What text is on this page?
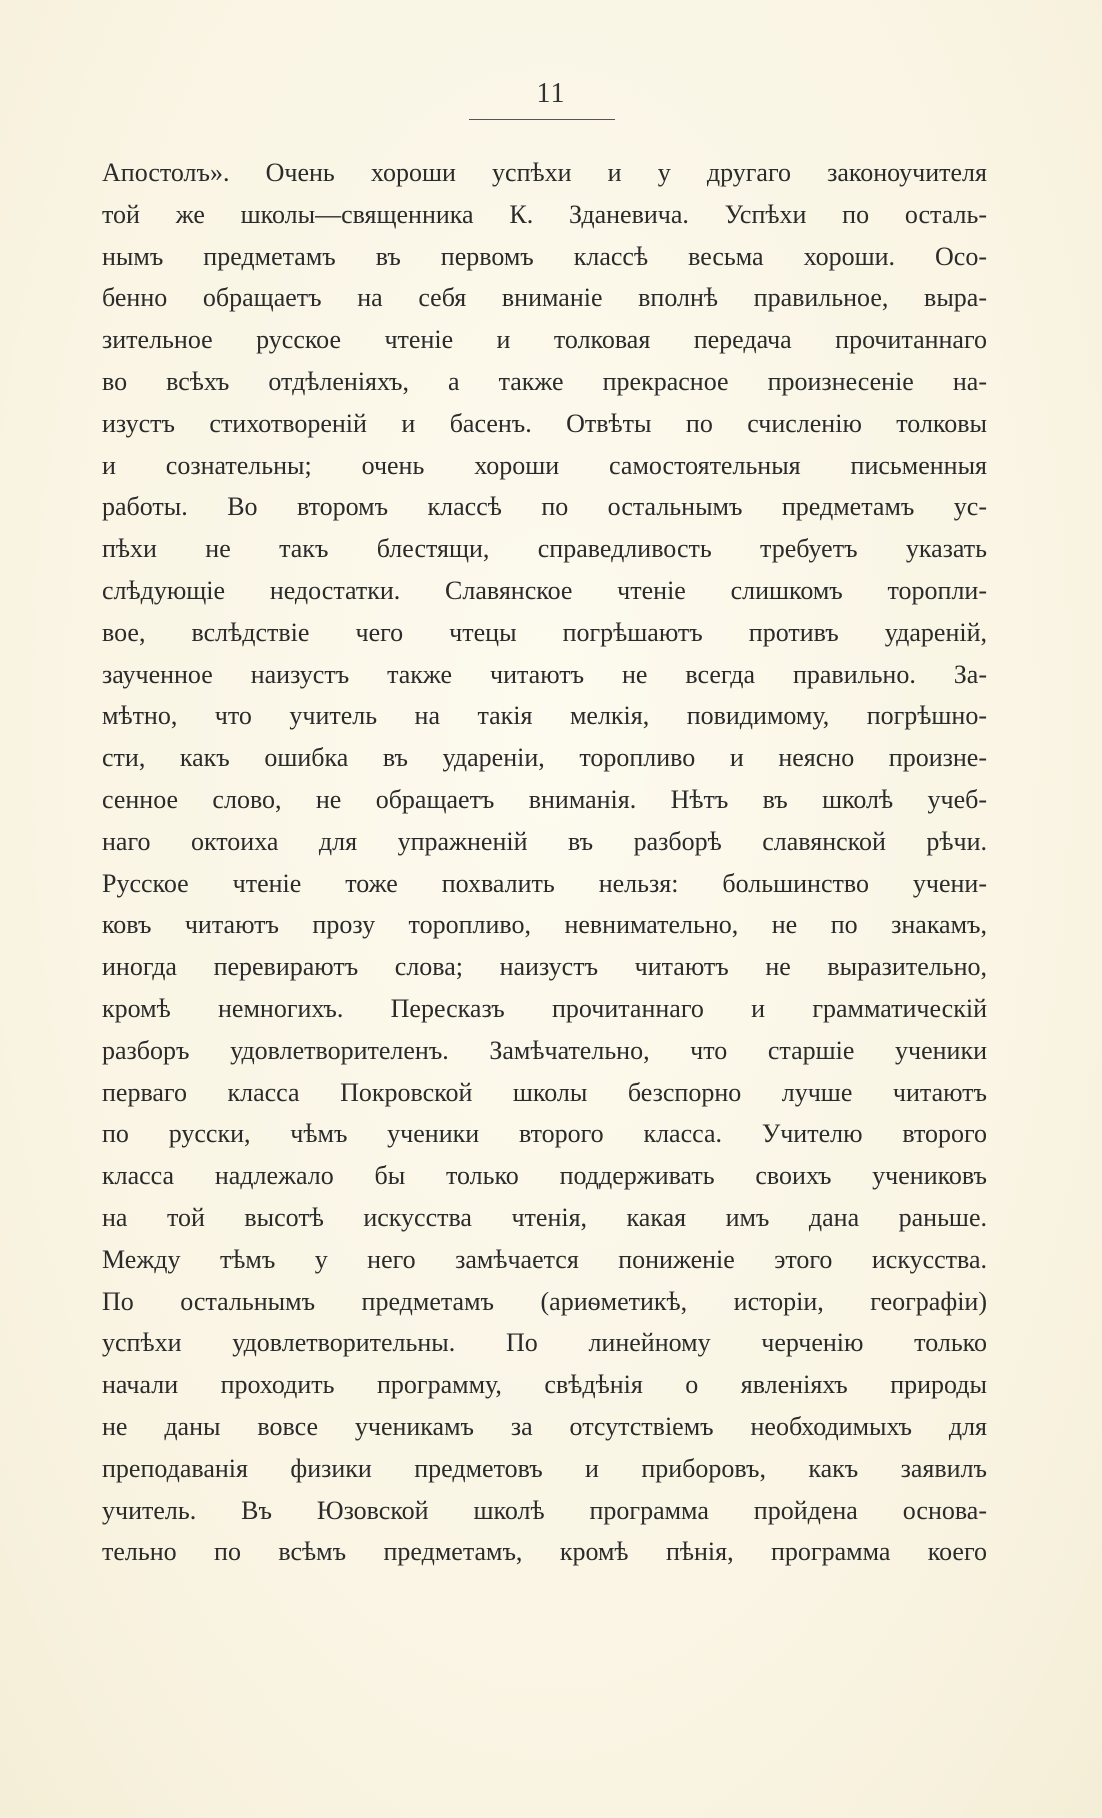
11
Апостолъ». Очень хороши успѣхи и у другаго законоучителя
той же школы—священника К. Зданевича. Успѣхи по осталь-
нымъ предметамъ въ первомъ классѣ весьма хороши. Осо-
бенно обращаетъ на себя вниманіе вполнѣ правильное, выра-
зительное русское чтеніе и толковая передача прочитаннаго
во всѣхъ отдѣленіяхъ, а также прекрасное произнесеніе на-
изустъ стихотвореній и басенъ. Отвѣты по счисленію толковы
и сознательны; очень хороши самостоятельныя письменныя
работы. Во второмъ классѣ по остальнымъ предметамъ ус-
пѣхи не такъ блестящи, справедливость требуетъ указать
слѣдующіе недостатки. Славянское чтеніе слишкомъ торопли-
вое, вслѣдствіе чего чтецы погрѣшаютъ противъ удареній,
заученное наизустъ также читаютъ не всегда правильно. За-
мѣтно, что учитель на такія мелкія, повидимому, погрѣшно-
сти, какъ ошибка въ удареніи, торопливо и неясно произне-
сенное слово, не обращаетъ вниманія. Нѣтъ въ школѣ учеб-
наго октоиха для упражненій въ разборѣ славянской рѣчи.
Русское чтеніе тоже похвалить нельзя: большинство учени-
ковъ читаютъ прозу торопливо, невнимательно, не по знакамъ,
иногда перевираютъ слова; наизустъ читаютъ не выразительно,
кромѣ немногихъ. Пересказъ прочитаннаго и грамматическій
разборъ удовлетворителенъ. Замѣчательно, что старшіе ученики
перваго класса Покровской школы безспорно лучше читаютъ
по русски, чѣмъ ученики второго класса. Учителю второго
класса надлежало бы только поддерживать своихъ учениковъ
на той высотѣ искусства чтенія, какая имъ дана раньше.
Между тѣмъ у него замѣчается пониженіе этого искусства.
По остальнымъ предметамъ (ариѳметикѣ, исторіи, географіи)
успѣхи удовлетворительны. По линейному черченію только
начали проходить программу, свѣдѣнія о явленіяхъ природы
не даны вовсе ученикамъ за отсутствіемъ необходимыхъ для
преподаванія физики предметовъ и приборовъ, какъ заявилъ
учитель. Въ Юзовской школѣ программа пройдена основа-
тельно по всѣмъ предметамъ, кромѣ пѣнія, программа коего
